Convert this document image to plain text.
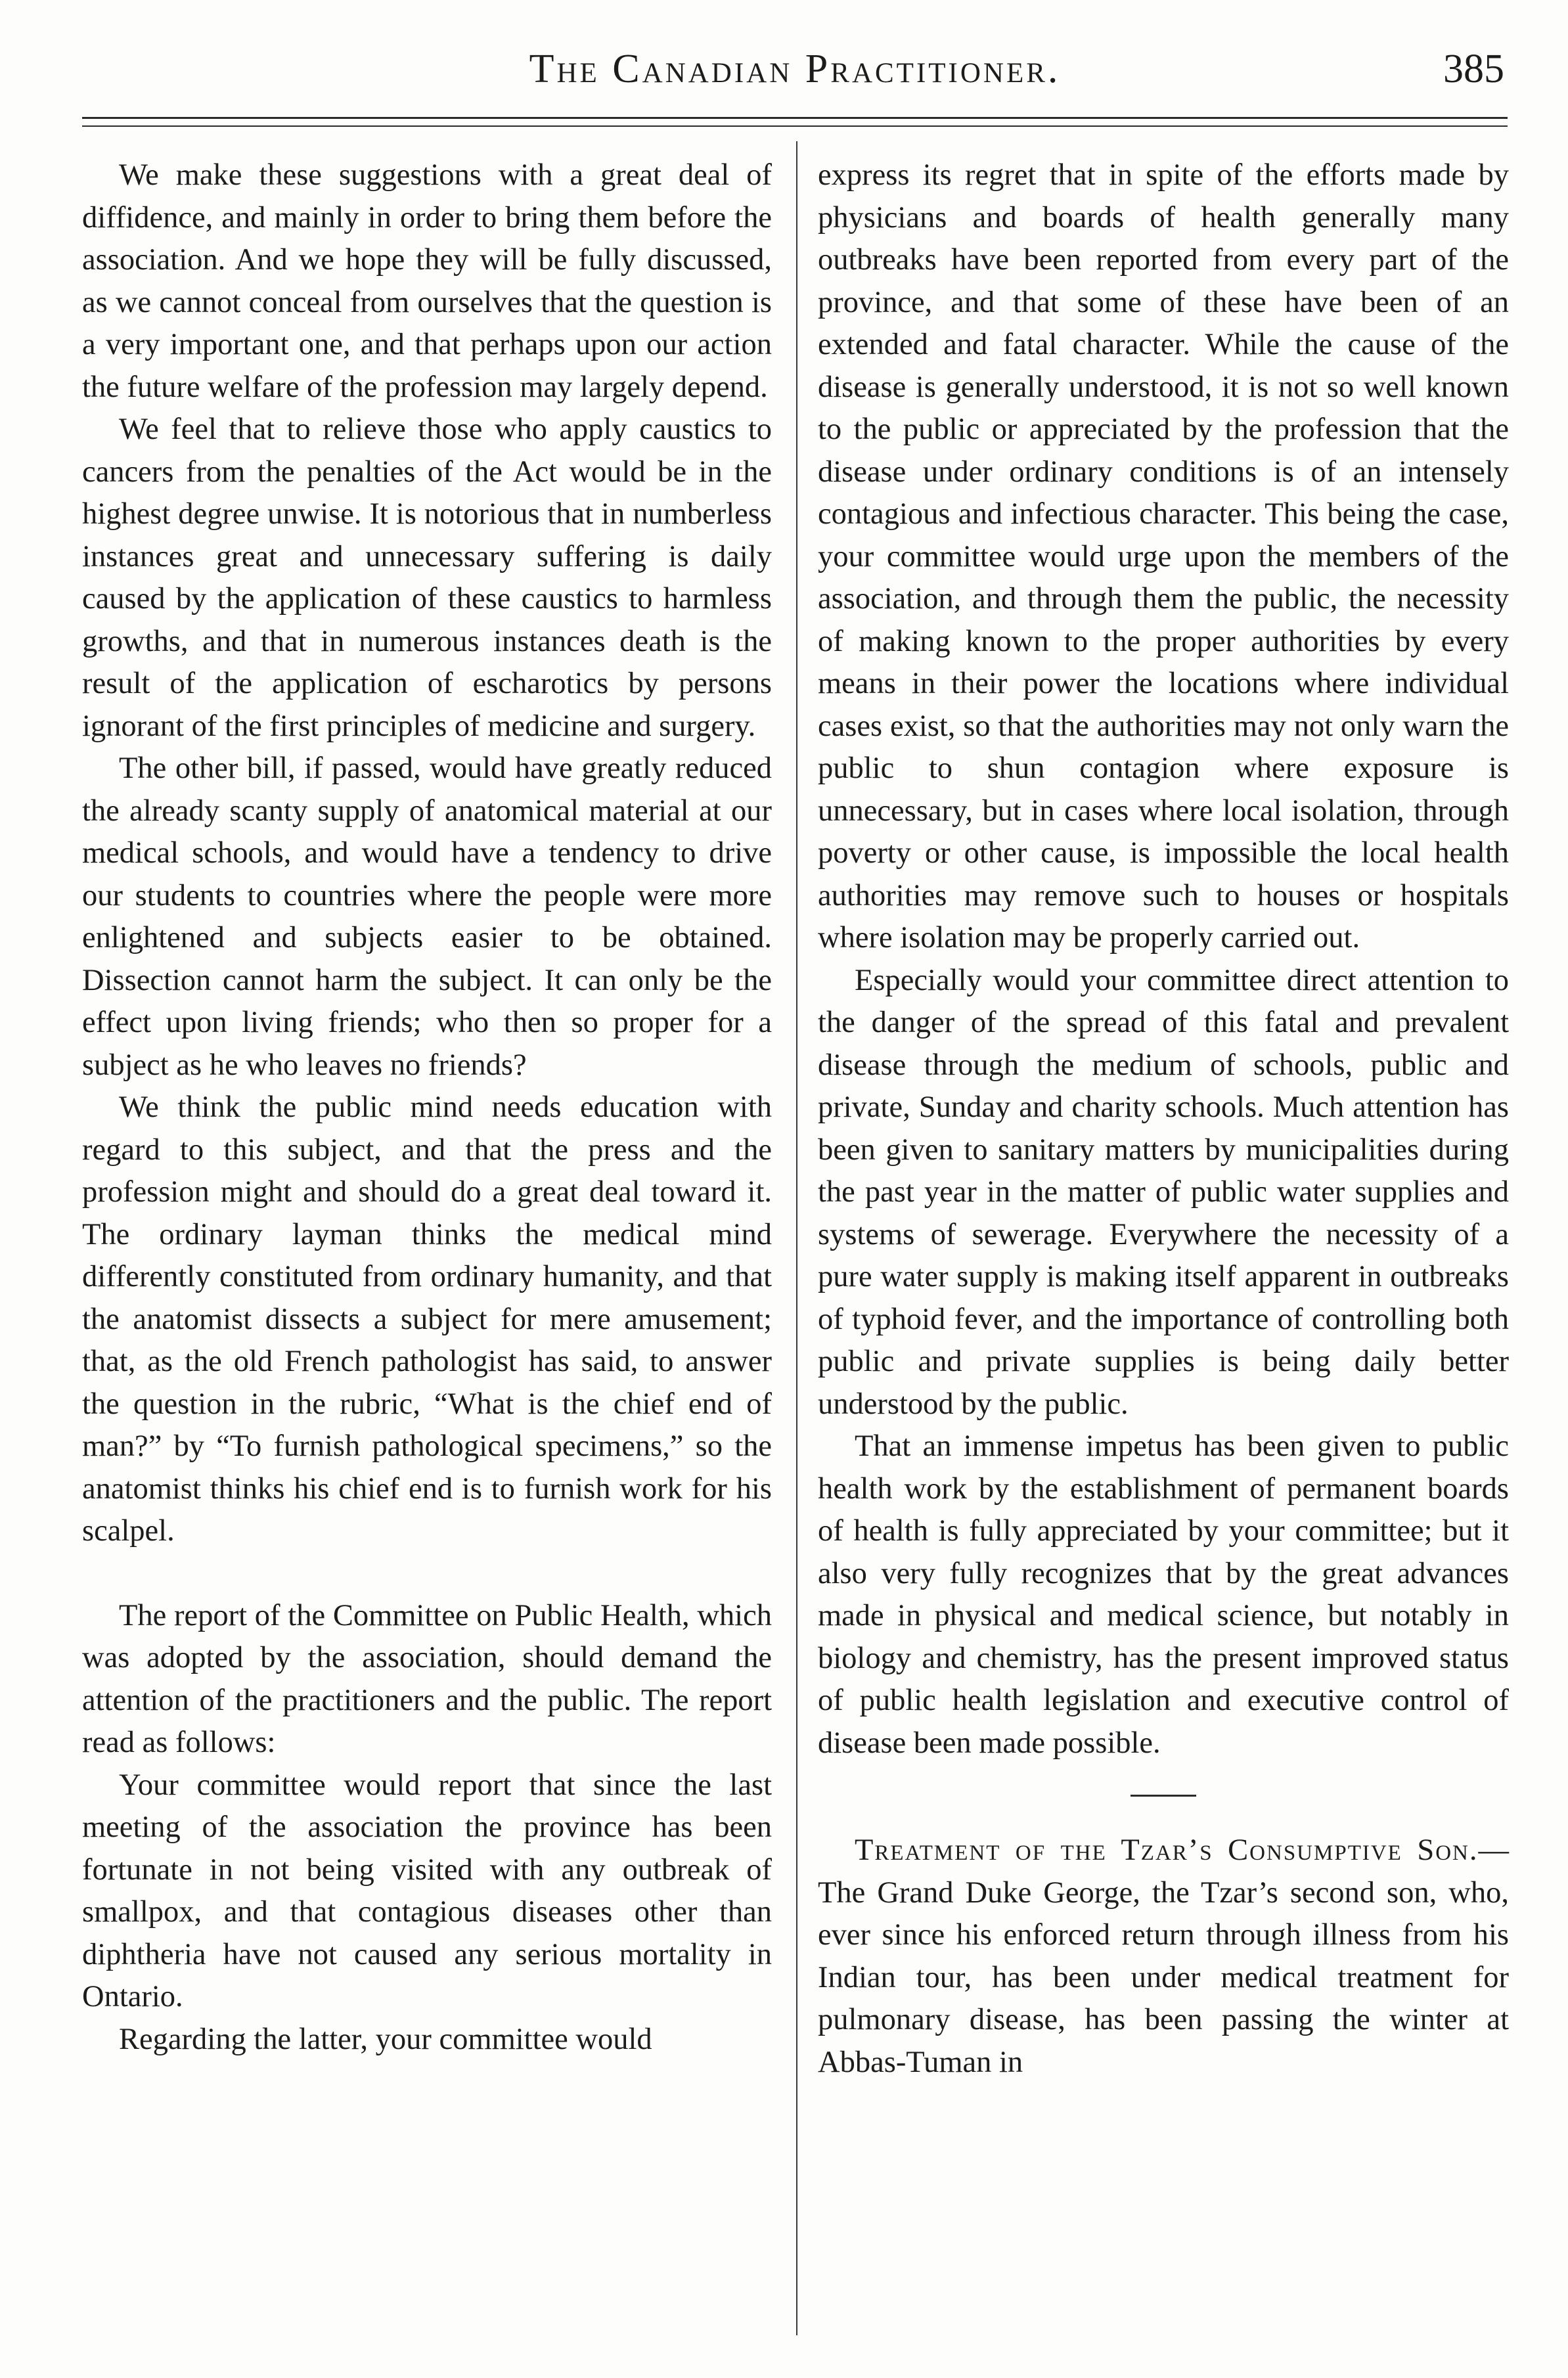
The Canadian Practitioner.	385

We make these suggestions with a great deal of diffidence, and mainly in order to bring them before the association. And we hope they will be fully discussed, as we cannot conceal from ourselves that the question is a very important one, and that perhaps upon our action the future welfare of the profession may largely depend.

We feel that to relieve those who apply caustics to cancers from the penalties of the Act would be in the highest degree unwise. It is notorious that in numberless instances great and unnecessary suffering is daily caused by the application of these caustics to harmless growths, and that in numerous instances death is the result of the application of escharotics by persons ignorant of the first principles of medicine and surgery.

The other bill, if passed, would have greatly reduced the already scanty supply of anatomical material at our medical schools, and would have a tendency to drive our students to countries where the people were more enlightened and subjects easier to be obtained. Dissection cannot harm the subject. It can only be the effect upon living friends; who then so proper for a subject as he who leaves no friends?

We think the public mind needs education with regard to this subject, and that the press and the profession might and should do a great deal toward it. The ordinary layman thinks the medical mind differently constituted from ordinary humanity, and that the anatomist dissects a subject for mere amusement; that, as the old French pathologist has said, to answer the question in the rubric, “What is the chief end of man?” by “To furnish pathological specimens,” so the anatomist thinks his chief end is to furnish work for his scalpel.

The report of the Committee on Public Health, which was adopted by the association, should demand the attention of the practitioners and the public. The report read as follows:

Your committee would report that since the last meeting of the association the province has been fortunate in not being visited with any outbreak of smallpox, and that contagious diseases other than diphtheria have not caused any serious mortality in Ontario.

Regarding the latter, your committee would

express its regret that in spite of the efforts made by physicians and boards of health generally many outbreaks have been reported from every part of the province, and that some of these have been of an extended and fatal character. While the cause of the disease is generally understood, it is not so well known to the public or appreciated by the profession that the disease under ordinary conditions is of an intensely contagious and infectious character. This being the case, your committee would urge upon the members of the association, and through them the public, the necessity of making known to the proper authorities by every means in their power the locations where individual cases exist, so that the authorities may not only warn the public to shun contagion where exposure is unnecessary, but in cases where local isolation, through poverty or other cause, is impossible the local health authorities may remove such to houses or hospitals where isolation may be properly carried out.

Especially would your committee direct attention to the danger of the spread of this fatal and prevalent disease through the medium of schools, public and private, Sunday and charity schools. Much attention has been given to sanitary matters by municipalities during the past year in the matter of public water supplies and systems of sewerage. Everywhere the necessity of a pure water supply is making itself apparent in outbreaks of typhoid fever, and the importance of controlling both public and private supplies is being daily better understood by the public.

That an immense impetus has been given to public health work by the establishment of permanent boards of health is fully appreciated by your committee; but it also very fully recognizes that by the great advances made in physical and medical science, but notably in biology and chemistry, has the present improved status of public health legislation and executive control of disease been made possible.

Treatment of the Tzar’s Consumptive Son.—The Grand Duke George, the Tzar’s second son, who, ever since his enforced return through illness from his Indian tour, has been under medical treatment for pulmonary disease, has been passing the winter at Abbas-Tuman in
